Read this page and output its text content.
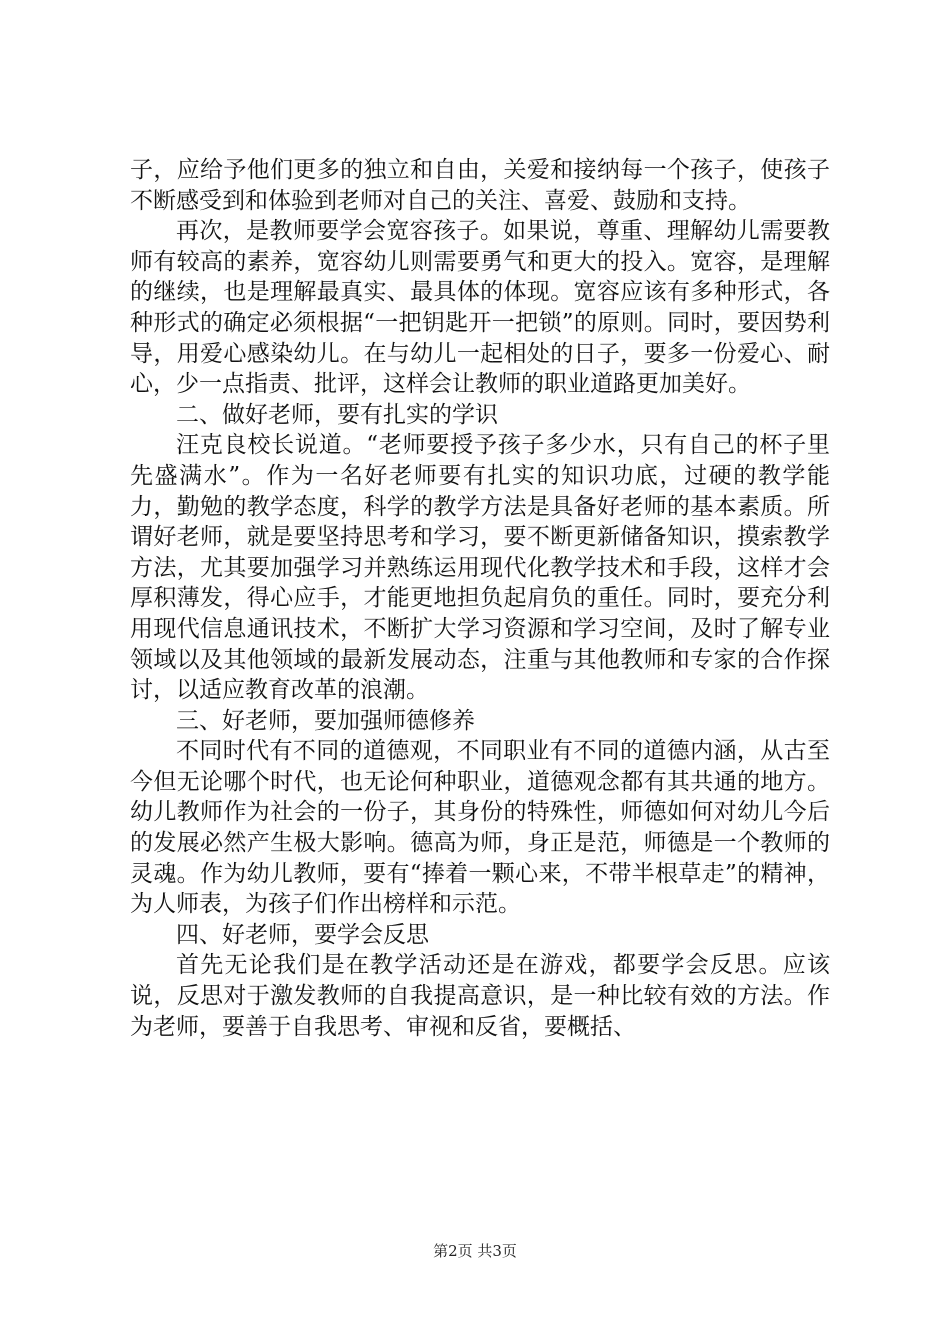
子，应给予他们更多的独立和自由，关爱和接纳每一个孩子，使孩子不断感受到和体验到老师对自己的关注、喜爱、鼓励和支持。

再次，是教师要学会宽容孩子。如果说，尊重、理解幼儿需要教师有较高的素养，宽容幼儿则需要勇气和更大的投入。宽容，是理解的继续，也是理解最真实、最具体的体现。宽容应该有多种形式，各种形式的确定必须根据“一把钥匙开一把锁”的原则。同时，要因势利导，用爱心感染幼儿。在与幼儿一起相处的日子，要多一份爱心、耐心，少一点指责、批评，这样会让教师的职业道路更加美好。

二、做好老师，要有扎实的学识

汪克良校长说道。“老师要授予孩子多少水，只有自己的杯子里先盛满水”。作为一名好老师要有扎实的知识功底，过硬的教学能力，勤勉的教学态度，科学的教学方法是具备好老师的基本素质。所谓好老师，就是要坚持思考和学习，要不断更新储备知识，摸索教学方法，尤其要加强学习并熟练运用现代化教学技术和手段，这样才会厚积薄发，得心应手，才能更地担负起肩负的重任。同时，要充分利用现代信息通讯技术，不断扩大学习资源和学习空间，及时了解专业领域以及其他领域的最新发展动态，注重与其他教师和专家的合作探讨，以适应教育改革的浪潮。

三、好老师，要加强师德修养

不同时代有不同的道德观，不同职业有不同的道德内涵，从古至今但无论哪个时代，也无论何种职业，道德观念都有其共通的地方。幼儿教师作为社会的一份子，其身份的特殊性，师德如何对幼儿今后的发展必然产生极大影响。德高为师，身正是范，师德是一个教师的灵魂。作为幼儿教师，要有“捧着一颗心来，不带半根草走”的精神，为人师表，为孩子们作出榜样和示范。

四、好老师，要学会反思

首先无论我们是在教学活动还是在游戏，都要学会反思。应该说，反思对于激发教师的自我提高意识，是一种比较有效的方法。作为老师，要善于自我思考、审视和反省，要概括、

第2页 共3页
